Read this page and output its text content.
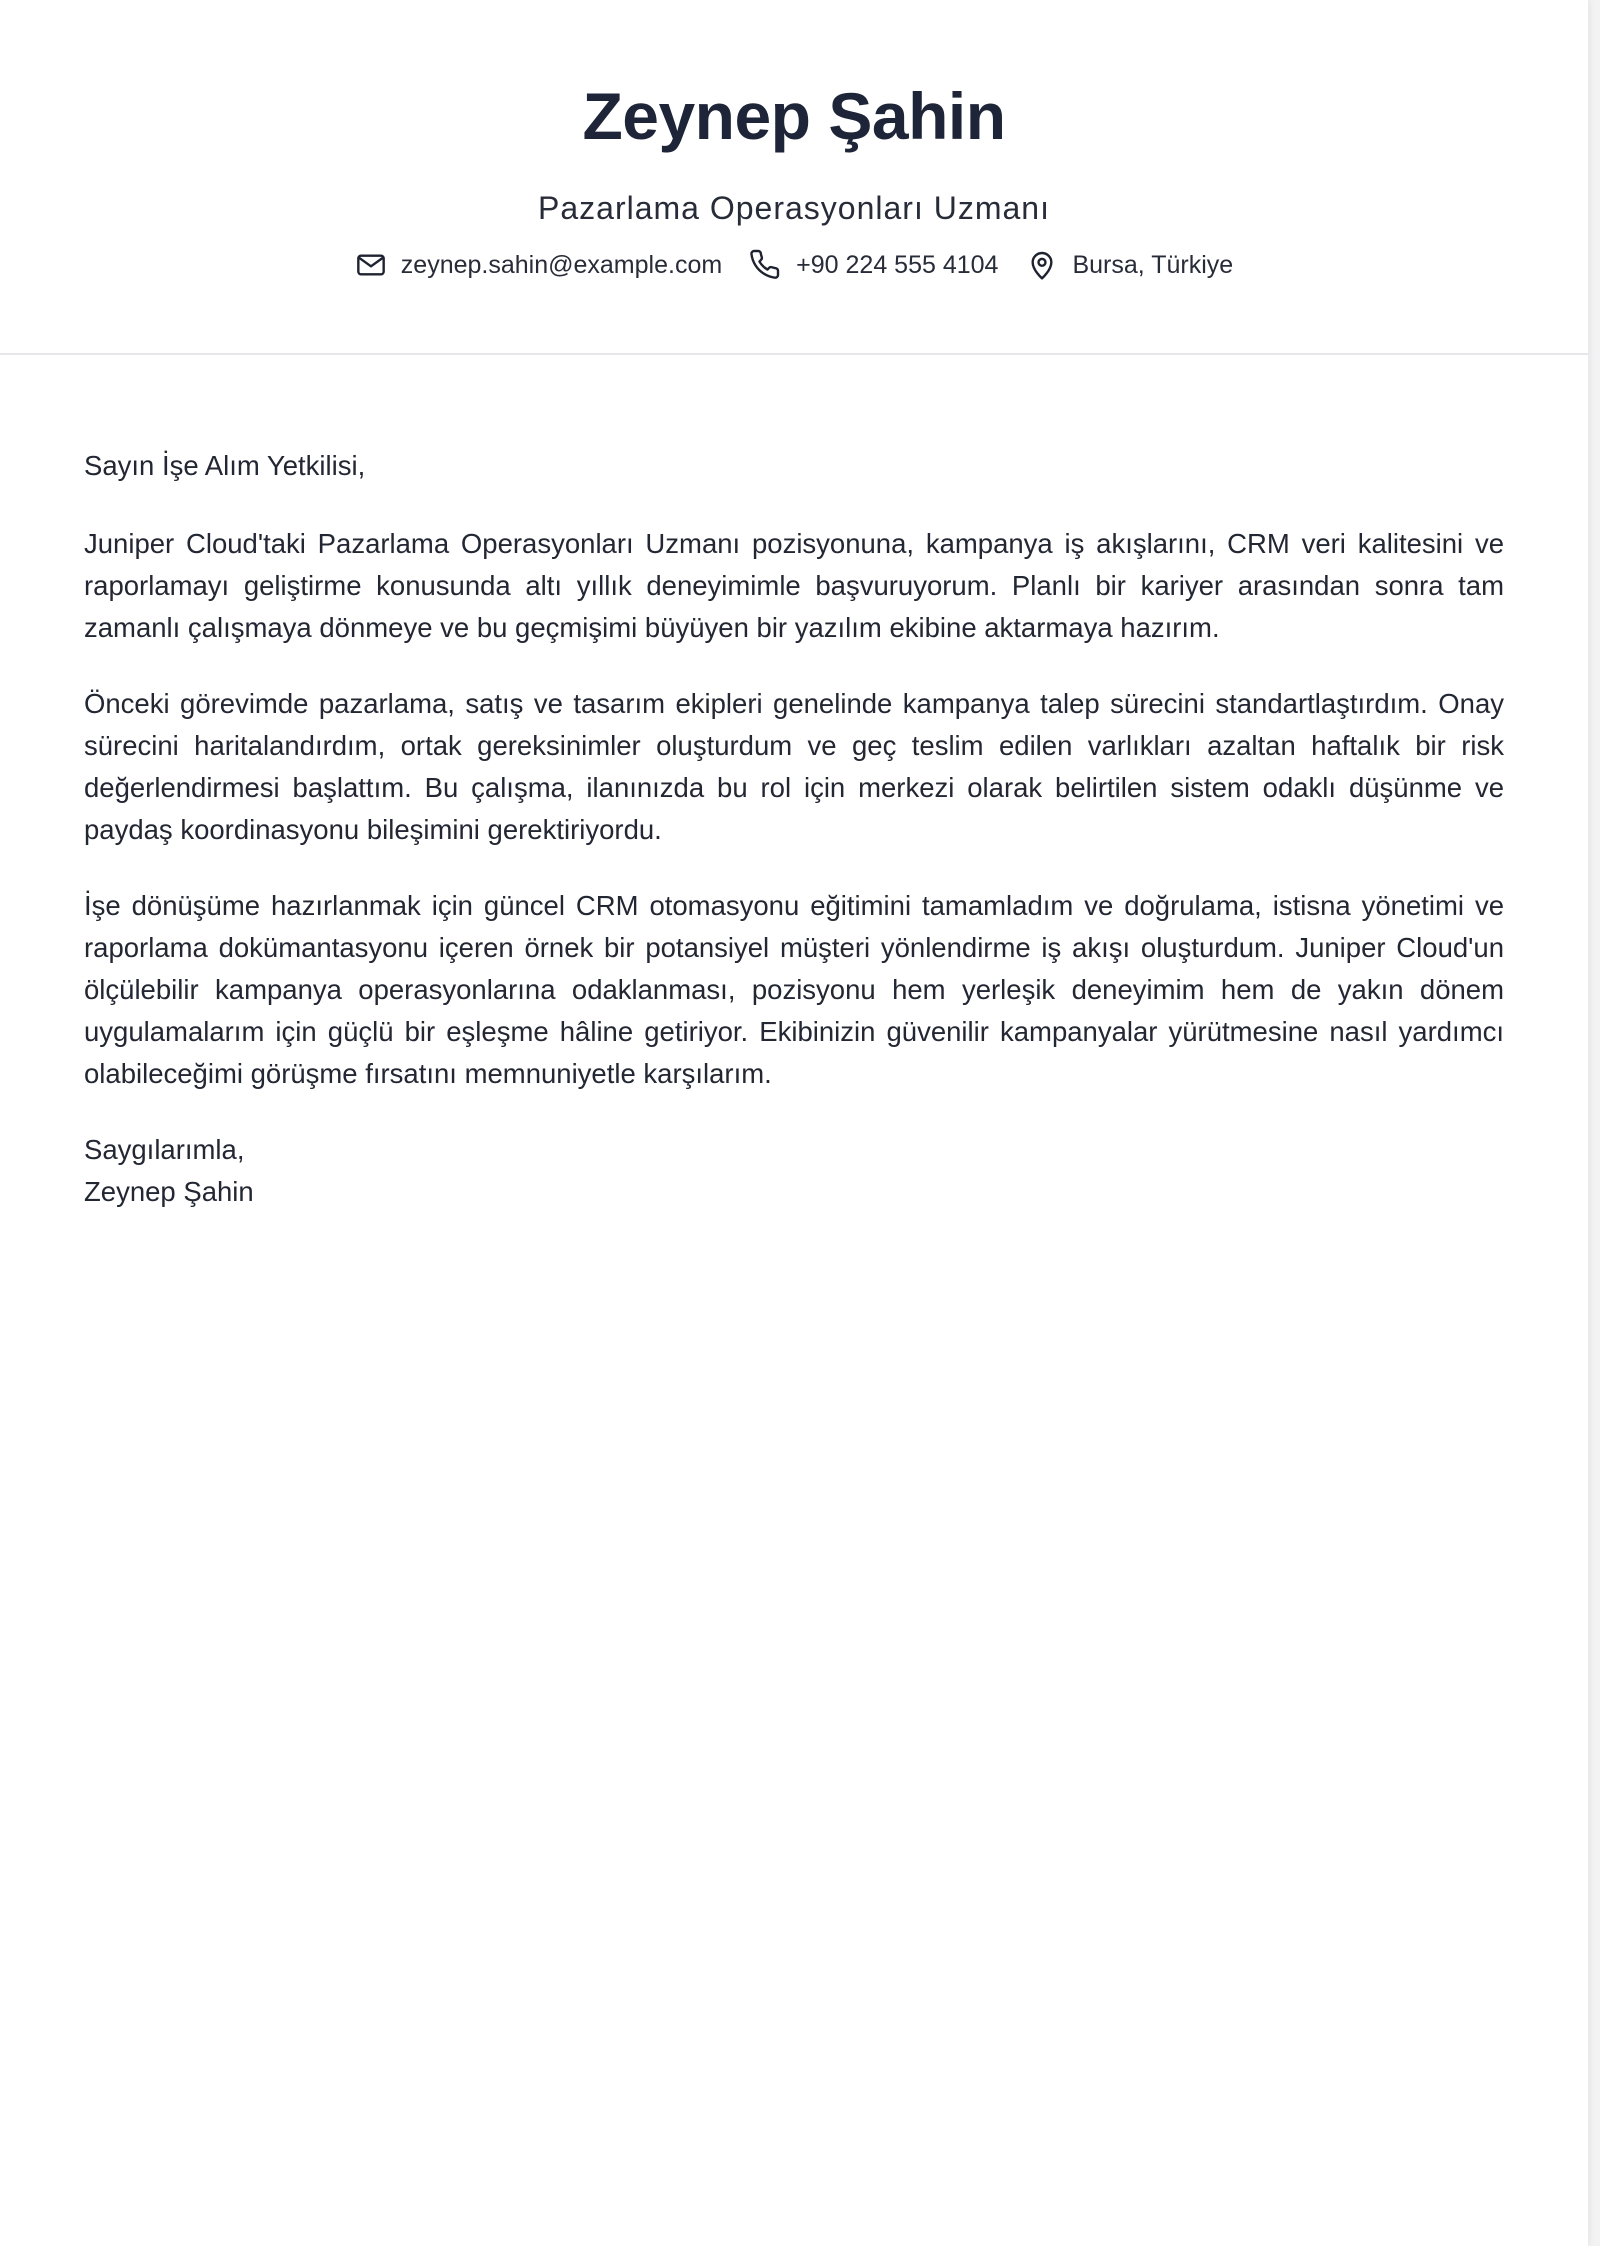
Zeynep Şahin
Pazarlama Operasyonları Uzmanı
zeynep.sahin@example.com	+90 224 555 4104	Bursa, Türkiye

Sayın İşe Alım Yetkilisi,

Juniper Cloud'taki Pazarlama Operasyonları Uzmanı pozisyonuna, kampanya iş akışlarını, CRM veri kalitesini ve raporlamayı geliştirme konusunda altı yıllık deneyimimle başvuruyorum. Planlı bir kariyer arasından sonra tam zamanlı çalışmaya dönmeye ve bu geçmişimi büyüyen bir yazılım ekibine aktarmaya hazırım.

Önceki görevimde pazarlama, satış ve tasarım ekipleri genelinde kampanya talep sürecini standartlaştırdım. Onay sürecini haritalandırdım, ortak gereksinimler oluşturdum ve geç teslim edilen varlıkları azaltan haftalık bir risk değerlendirmesi başlattım. Bu çalışma, ilanınızda bu rol için merkezi olarak belirtilen sistem odaklı düşünme ve paydaş koordinasyonu bileşimini gerektiriyordu.

İşe dönüşüme hazırlanmak için güncel CRM otomasyonu eğitimini tamamladım ve doğrulama, istisna yönetimi ve raporlama dokümantasyonu içeren örnek bir potansiyel müşteri yönlendirme iş akışı oluşturdum. Juniper Cloud'un ölçülebilir kampanya operasyonlarına odaklanması, pozisyonu hem yerleşik deneyimim hem de yakın dönem uygulamalarım için güçlü bir eşleşme hâline getiriyor. Ekibinizin güvenilir kampanyalar yürütmesine nasıl yardımcı olabileceğimi görüşme fırsatını memnuniyetle karşılarım.

Saygılarımla,

Zeynep Şahin
